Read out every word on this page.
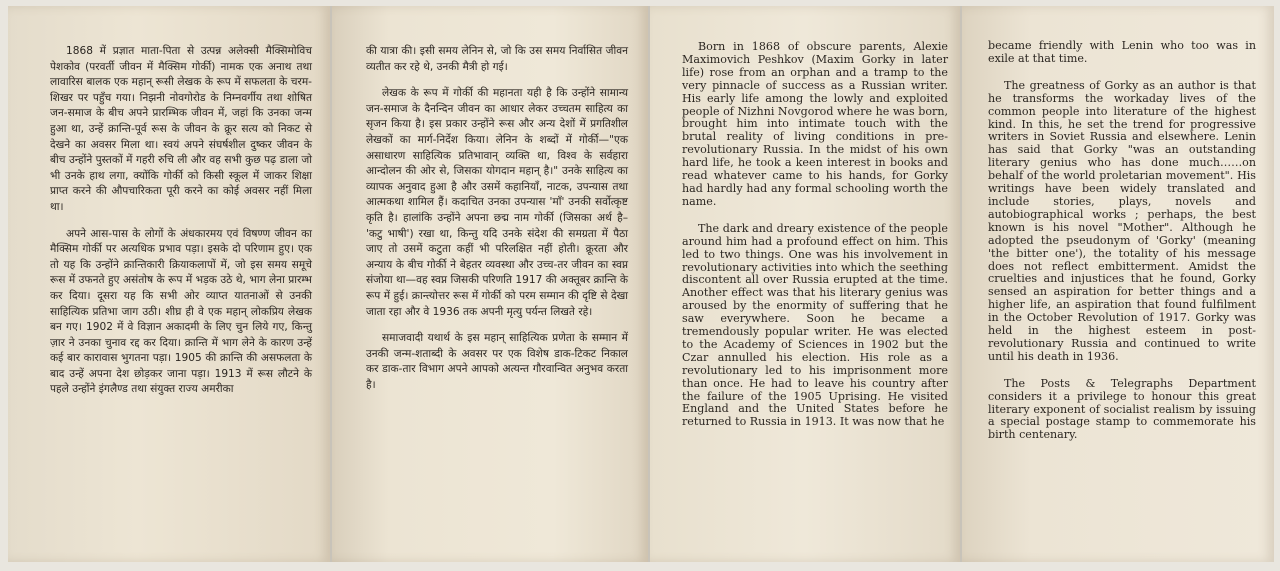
1868 में प्रज्ञात माता-पिता से उत्पन्न अलेक्सी मैक्सिमोविच पेशकोव (परवर्ती जीवन में मैक्सिम गोर्की) नामक एक अनाथ तथा लावारिस बालक एक महान् रूसी लेखक के रूप में सफलता के चरम-शिखर पर पहुँच गया। निझनी नोवगोरोड के निम्नवर्गीय तथा शोषित जन-समाज के बीच अपने प्रारम्भिक जीवन में, जहां कि उनका जन्म हुआ था, उन्हें क्रान्ति-पूर्व रूस के जीवन के क्रूर सत्य को निकट से देखने का अवसर मिला था। स्वयं अपने संघर्षशील दुष्कर जीवन के बीच उन्होंने पुस्तकों में गहरी रुचि ली और वह सभी कुछ पढ़ डाला जो भी उनके हाथ लगा, क्योंकि गोर्की को किसी स्कूल में जाकर शिक्षा प्राप्त करने की औपचारिकता पूरी करने का कोई अवसर नहीं मिला था।

अपने आस-पास के लोगों के अंधकारमय एवं विषण्ण जीवन का मैक्सिम गोर्की पर अत्यधिक प्रभाव पड़ा। इसके दो परिणाम हुए। एक तो यह कि उन्होंने क्रान्तिकारी क्रियाकलापों में, जो इस समय समूचे रूस में उफनते हुए असंतोष के रूप में भड़क उठे थे, भाग लेना प्रारम्भ कर दिया। दूसरा यह कि सभी ओर व्याप्त यातनाओं से उनकी साहित्यिक प्रतिभा जाग उठी। शीघ्र ही वे एक महान् लोकप्रिय लेखक बन गए। 1902 में वे विज्ञान अकादमी के लिए चुन लिये गए, किन्तु ज़ार ने उनका चुनाव रद्द कर दिया। क्रान्ति में भाग लेने के कारण उन्हें कई बार कारावास भुगतना पड़ा। 1905 की क्रान्ति की असफलता के बाद उन्हें अपना देश छोड़कर जाना पड़ा। 1913 में रूस लौटने के पहले उन्होंने इंगलैण्ड तथा संयुक्त राज्य अमरीका

की यात्रा की। इसी समय लेनिन से, जो कि उस समय निर्वासित जीवन व्यतीत कर रहे थे, उनकी मैत्री हो गई।

लेखक के रूप में गोर्की की महानता यही है कि उन्होंने सामान्य जन-समाज के दैनन्दिन जीवन का आधार लेकर उच्चतम साहित्य का सृजन किया है। इस प्रकार उन्होंने रूस और अन्य देशों में प्रगतिशील लेखकों का मार्ग-निर्देश किया। लेनिन के शब्दों में गोर्की—"एक असाधारण साहित्यिक प्रतिभावान् व्यक्ति था, विश्व के सर्वहारा आन्दोलन की ओर से, जिसका योगदान महान् है।" उनके साहित्य का व्यापक अनुवाद हुआ है और उसमें कहानियाँ, नाटक, उपन्यास तथा आत्मकथा शामिल हैं। कदाचित उनका उपन्यास 'माँ' उनकी सर्वोत्कृष्ट कृति है। हालांकि उन्होंने अपना छद्म नाम गोर्की (जिसका अर्थ है– 'कटु भाषी') रखा था, किन्तु यदि उनके संदेश की समग्रता में पैठा जाए तो उसमें कटुता कहीं भी परिलक्षित नहीं होती। क्रूरता और अन्याय के बीच गोर्की ने बेहतर व्यवस्था और उच्च-तर जीवन का स्वप्न संजोया था—वह स्वप्न जिसकी परिणति 1917 की अक्तूबर क्रान्ति के रूप में हुई। क्रान्त्योत्तर रूस में गोर्की को परम सम्मान की दृष्टि से देखा जाता रहा और वे 1936 तक अपनी मृत्यु पर्यन्त लिखते रहे।

समाजवादी यथार्थ के इस महान् साहित्यिक प्रणेता के सम्मान में उनकी जन्म-शताब्दी के अवसर पर एक विशेष डाक-टिकट निकाल कर डाक-तार विभाग अपने आपको अत्यन्त गौरवान्वित अनुभव करता है।

Born in 1868 of obscure parents, Alexie Maximovich Peshkov (Maxim Gorky in later life) rose from an orphan and a tramp to the very pinnacle of success as a Russian writer. His early life among the lowly and exploited people of Nizhni Novgorod where he was born, brought him into intimate touch with the brutal reality of living conditions in pre-revolutionary Russia. In the midst of his own hard life, he took a keen interest in books and read whatever came to his hands, for Gorky had hardly had any formal schooling worth the name.

The dark and dreary existence of the people around him had a profound effect on him. This led to two things. One was his involvement in revolutionary activities into which the seething discontent all over Russia erupted at the time. Another effect was that his literary genius was aroused by the enormity of suffering that he saw everywhere. Soon he became a tremendously popular writer. He was elected to the Academy of Sciences in 1902 but the Czar annulled his election. His role as a revolutionary led to his imprisonment more than once. He had to leave his country after the failure of the 1905 Uprising. He visited England and the United States before he returned to Russia in 1913. It was now that he

became friendly with Lenin who too was in exile at that time.

The greatness of Gorky as an author is that he transforms the workaday lives of the common people into literature of the highest kind. In this, he set the trend for progressive writers in Soviet Russia and elsewhere. Lenin has said that Gorky "was an outstanding literary genius who has done much……on behalf of the world proletarian movement". His writings have been widely translated and include stories, plays, novels and autobiographical works ; perhaps, the best known is his novel "Mother". Although he adopted the pseudonym of 'Gorky' (meaning 'the bitter one'), the totality of his message does not reflect embitterment. Amidst the cruelties and injustices that he found, Gorky sensed an aspiration for better things and a higher life, an aspiration that found fulfilment in the October Revolution of 1917. Gorky was held in the highest esteem in post-revolutionary Russia and continued to write until his death in 1936.

The Posts & Telegraphs Department considers it a privilege to honour this great literary exponent of socialist realism by issuing a special postage stamp to commemorate his birth centenary.
